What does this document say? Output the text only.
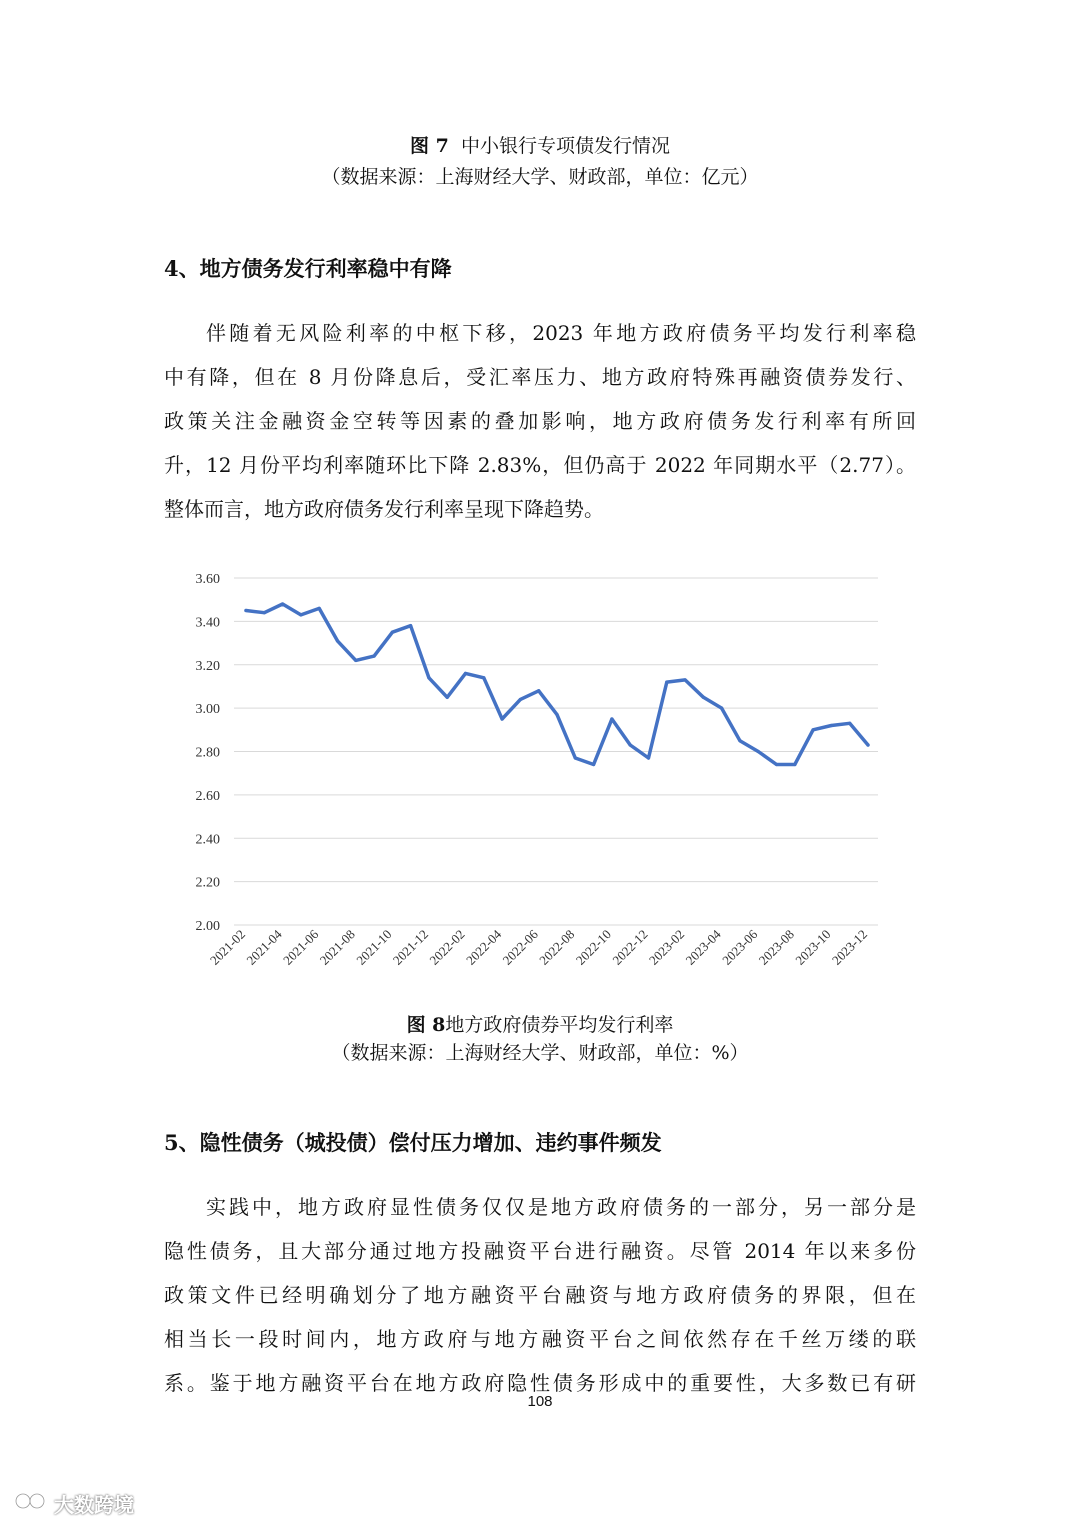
图 7 中小银行专项债发行情况
（数据来源：上海财经大学、财政部，单位：亿元）
4、地方债务发行利率稳中有降
伴随着无风险利率的中枢下移，2023 年地方政府债务平均发行利率稳
中有降，但在 8 月份降息后，受汇率压力、地方政府特殊再融资债券发行、
政策关注金融资金空转等因素的叠加影响，地方政府债务发行利率有所回
升，12 月份平均利率随环比下降 2.83%，但仍高于 2022 年同期水平（2.77）。
整体而言，地方政府债务发行利率呈现下降趋势。
3.60
3.40
3.20
3.00
2.80
2.60
2.40
2.20
2.00
2021-02
2021-04
2021-06
2021-08
2021-10
2021-12
2022-02
2022-04
2022-06
2022-08
2022-10
2022-12
2023-02
2023-04
2023-06
2023-08
2023-10
2023-12
图 8地方政府债券平均发行利率
（数据来源：上海财经大学、财政部，单位：%）
5、隐性债务（城投债）偿付压力增加、违约事件频发
实践中，地方政府显性债务仅仅是地方政府债务的一部分，另一部分是
隐性债务，且大部分通过地方投融资平台进行融资。尽管 2014 年以来多份
政策文件已经明确划分了地方融资平台融资与地方政府债务的界限，但在
相当长一段时间内，地方政府与地方融资平台之间依然存在千丝万缕的联
系。鉴于地方融资平台在地方政府隐性债务形成中的重要性，大多数已有研
108
大数跨境
